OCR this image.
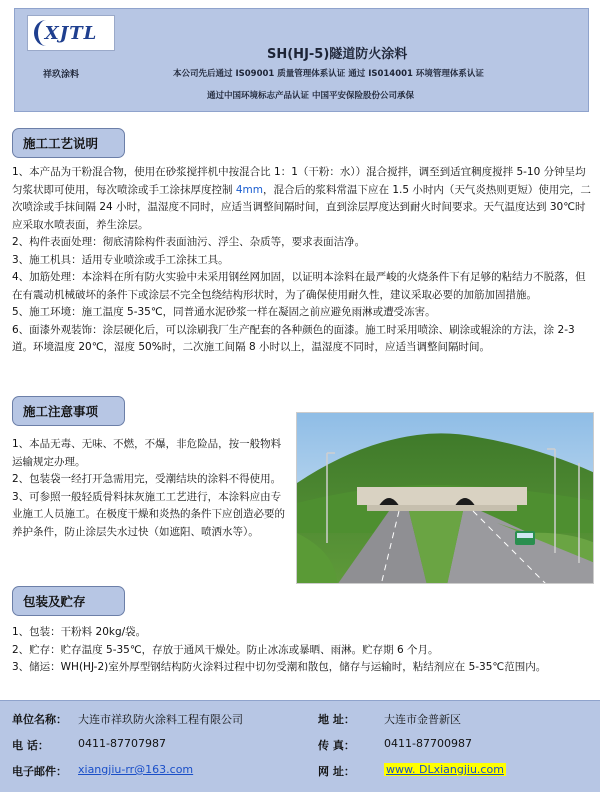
XJTL
SH(HJ-5)隧道防火涂料
祥玖涂料	本公司先后通过 IS09001 质量管理体系认证 通过 IS014001 环境管理体系认证
通过中国环境标志产品认证 中国平安保险股份公司承保
施工工艺说明

1、本产品为干粉混合物，使用在砂浆搅拌机中按混合比 1：1（干粉：水））混合搅拌，调至到适宜稠度搅拌 5-10 分钟呈均匀浆状即可使用，每次喷涂或手工涂抹厚度控制 4mm，混合后的浆料常温下应在 1.5 小时内（天气炎热则更短）使用完，二次喷涂或手抹间隔 24 小时，温湿度不同时，应适当调整间隔时间，直到涂层厚度达到耐火时间要求。天气温度达到 30℃时应采取水喷表面，养生涂层。

2、构件表面处理：彻底清除构件表面油污、浮尘、杂质等，要求表面洁净。

3、施工机具：适用专业喷涂或手工涂抹工具。

4、加筋处理：本涂料在所有防火实验中未采用钢丝网加固，以证明本涂料在最严峻的火烧条件下有足够的粘结力不脱落，但在有震动机械破坏的条件下或涂层不完全包绕结构形状时，为了确保使用耐久性，建议采取必要的加筋加固措施。

5、施工环境：施工温度 5-35℃，同普通水泥砂浆一样在凝固之前应避免雨淋或遭受冻害。

6、面漆外观装饰：涂层硬化后，可以涂刷我厂生产配套的各种颜色的面漆。施工时采用喷涂、刷涂或辊涂的方法，涂 2-3 道。环境温度 20℃，湿度 50%时，二次施工间隔 8 小时以上，温湿度不同时，应适当调整间隔时间。

施工注意事项

1、本品无毒、无味、不燃，不爆，非危险品，按一般物料运输规定办理。

2、包装袋一经打开急需用完，受潮结块的涂料不得使用。

3、可参照一般轻质骨料抹灰施工工艺进行，本涂料应由专业施工人员施工。在极度干燥和炎热的条件下应创造必要的养护条件，防止涂层失水过快（如遮阳、喷洒水等）。

包装及贮存

1、包装：干粉料 20kg/袋。

2、贮存：贮存温度 5-35℃，存放于通风干燥处。防止冰冻或暴晒、雨淋。贮存期 6 个月。

3、储运：WH(HJ-2)室外厚型钢结构防火涂料过程中切勿受潮和散包，储存与运输时，粘结剂应在 5-35℃范围内。

单位名称： 大连市祥玖防火涂料工程有限公司	地 址：	大连市金普新区
电 话：	0411-87707987	传 真：	0411-87700987
电子邮件： xiangjiu-rr@163.com	网 址：	www. DLxiangjiu.com
